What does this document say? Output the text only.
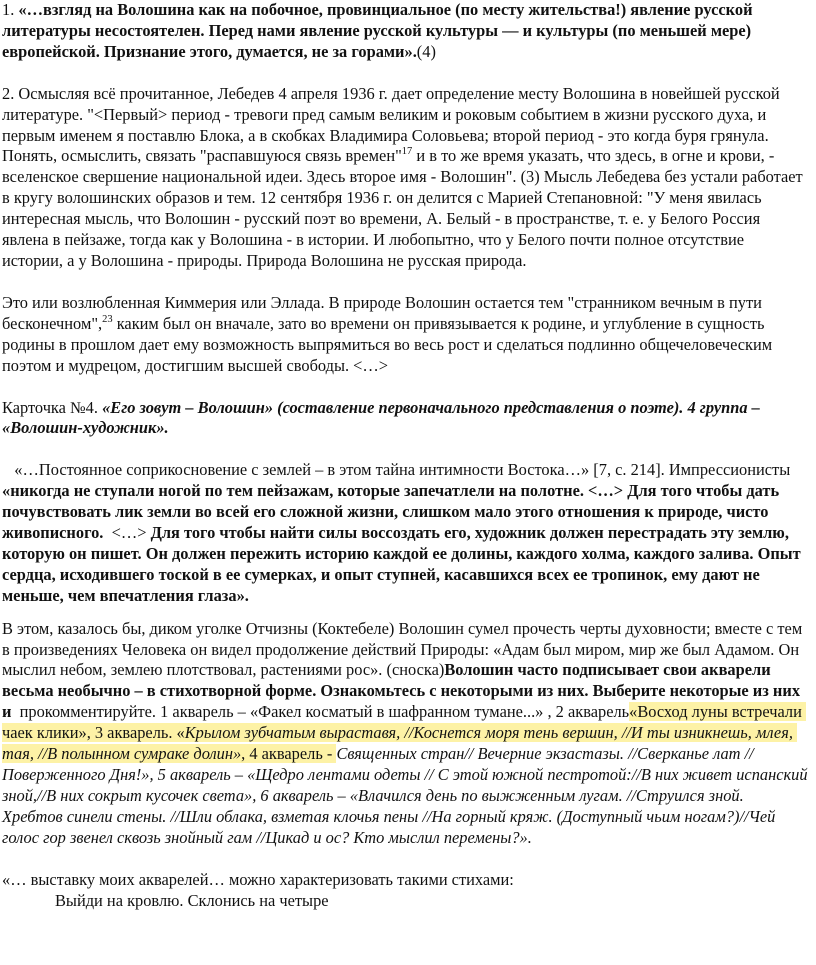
1. «…взгляд на Волошина как на побочное, провинциальное (по месту жительства!) явление русской литературы несостоятелен. Перед нами явление русской культуры — и культуры (по меньшей мере) европейской. Признание этого, думается, не за горами».(4)

2. Осмысляя всё прочитанное, Лебедев 4 апреля 1936 г. дает определение месту Волошина в новейшей русской литературе. "<Первый> период - тревоги пред самым великим и роковым событием в жизни русского духа, и первым именем я поставлю Блока, а в скобках Владимира Соловьева; второй период - это когда буря грянула. Понять, осмыслить, связать "распавшуюся связь времен"$^{17}$ и в то же время указать, что здесь, в огне и крови, - вселенское свершение национальной идеи. Здесь второе имя - Волошин". (3) Мысль Лебедева без устали работает в кругу волошинских образов и тем. 12 сентября 1936 г. он делится с Марией Степановной: "У меня явилась интересная мысль, что Волошин - русский поэт во времени, А. Белый - в пространстве, т. е. у Белого Россия явлена в пейзаже, тогда как у Волошина - в истории. И любопытно, что у Белого почти полное отсутствие истории, а у Волошина - природы. Природа Волошина не русская природа.

Это или возлюбленная Киммерия или Эллада. В природе Волошин остается тем "странником вечным в пути бесконечном",$^{23}$ каким был он вначале, зато во времени он привязывается к родине, и углубление в сущность родины в прошлом дает ему возможность выпрямиться во весь рост и сделаться подлинно общечеловеческим поэтом и мудрецом, достигшим высшей свободы. <…>

Карточка №4. «Его зовут – Волошин» (составление первоначального представления о поэте). 4 группа – «Волошин-художник».

«…Постоянное соприкосновение с землей – в этом тайна интимности Востока…» [7, с. 214]. Импрессионисты «никогда не ступали ногой по тем пейзажам, которые запечатлели на полотне. <…> Для того чтобы дать почувствовать лик земли во всей его сложной жизни, слишком мало этого отношения к природе, чисто живописного.  <…> Для того чтобы найти силы воссоздать его, художник должен перестрадать эту землю, которую он пишет. Он должен пережить историю каждой ее долины, каждого холма, каждого залива. Опыт сердца, исходившего тоской в ее сумерках, и опыт ступней, касавшихся всех ее тропинок, ему дают не меньше, чем впечатления глаза».

В этом, казалось бы, диком уголке Отчизны (Коктебеле) Волошин сумел прочесть черты духовности; вместе с тем в произведениях Человека он видел продолжение действий Природы: «Адам был миром, мир же был Адамом. Он мыслил небом, землею плотствовал, растениями рос». (сноска)Волошин часто подписывает свои акварели весьма необычно – в стихотворной форме. Ознакомьтесь с некоторыми из них. Выберите некоторые из них и  прокомментируйте. 1 акварель – «Факел косматый в шафранном тумане...» , 2 акварель«Восход луны встречали чаек клики», 3 акварель. «Крылом зубчатым выраставя, //Коснется моря тень вершин, //И ты изникнешь, млея, тая, //В полынном сумраке долин», 4 акварель - Священных стран// Вечерние экзастазы. //Сверканье лат //Поверженного Дня!», 5 акварель – «Щедро лентами одеты // С этой южной пестротой://В них живет испанский зной,//В них сокрыт кусочек света», 6 акварель – «Влачился день по выжженным лугам. //Струился зной. Хребтов синели стены. //Шли облака, взметая клочья пены //На горный кряж. (Доступный чьим ногам?)//Чей голос гор звенел сквозь знойный гам //Цикад и ос? Кто мыслил перемены?».

«… выставку моих акварелей… можно характеризовать такими стихами:

Выйди на кровлю. Склонись на четыре
